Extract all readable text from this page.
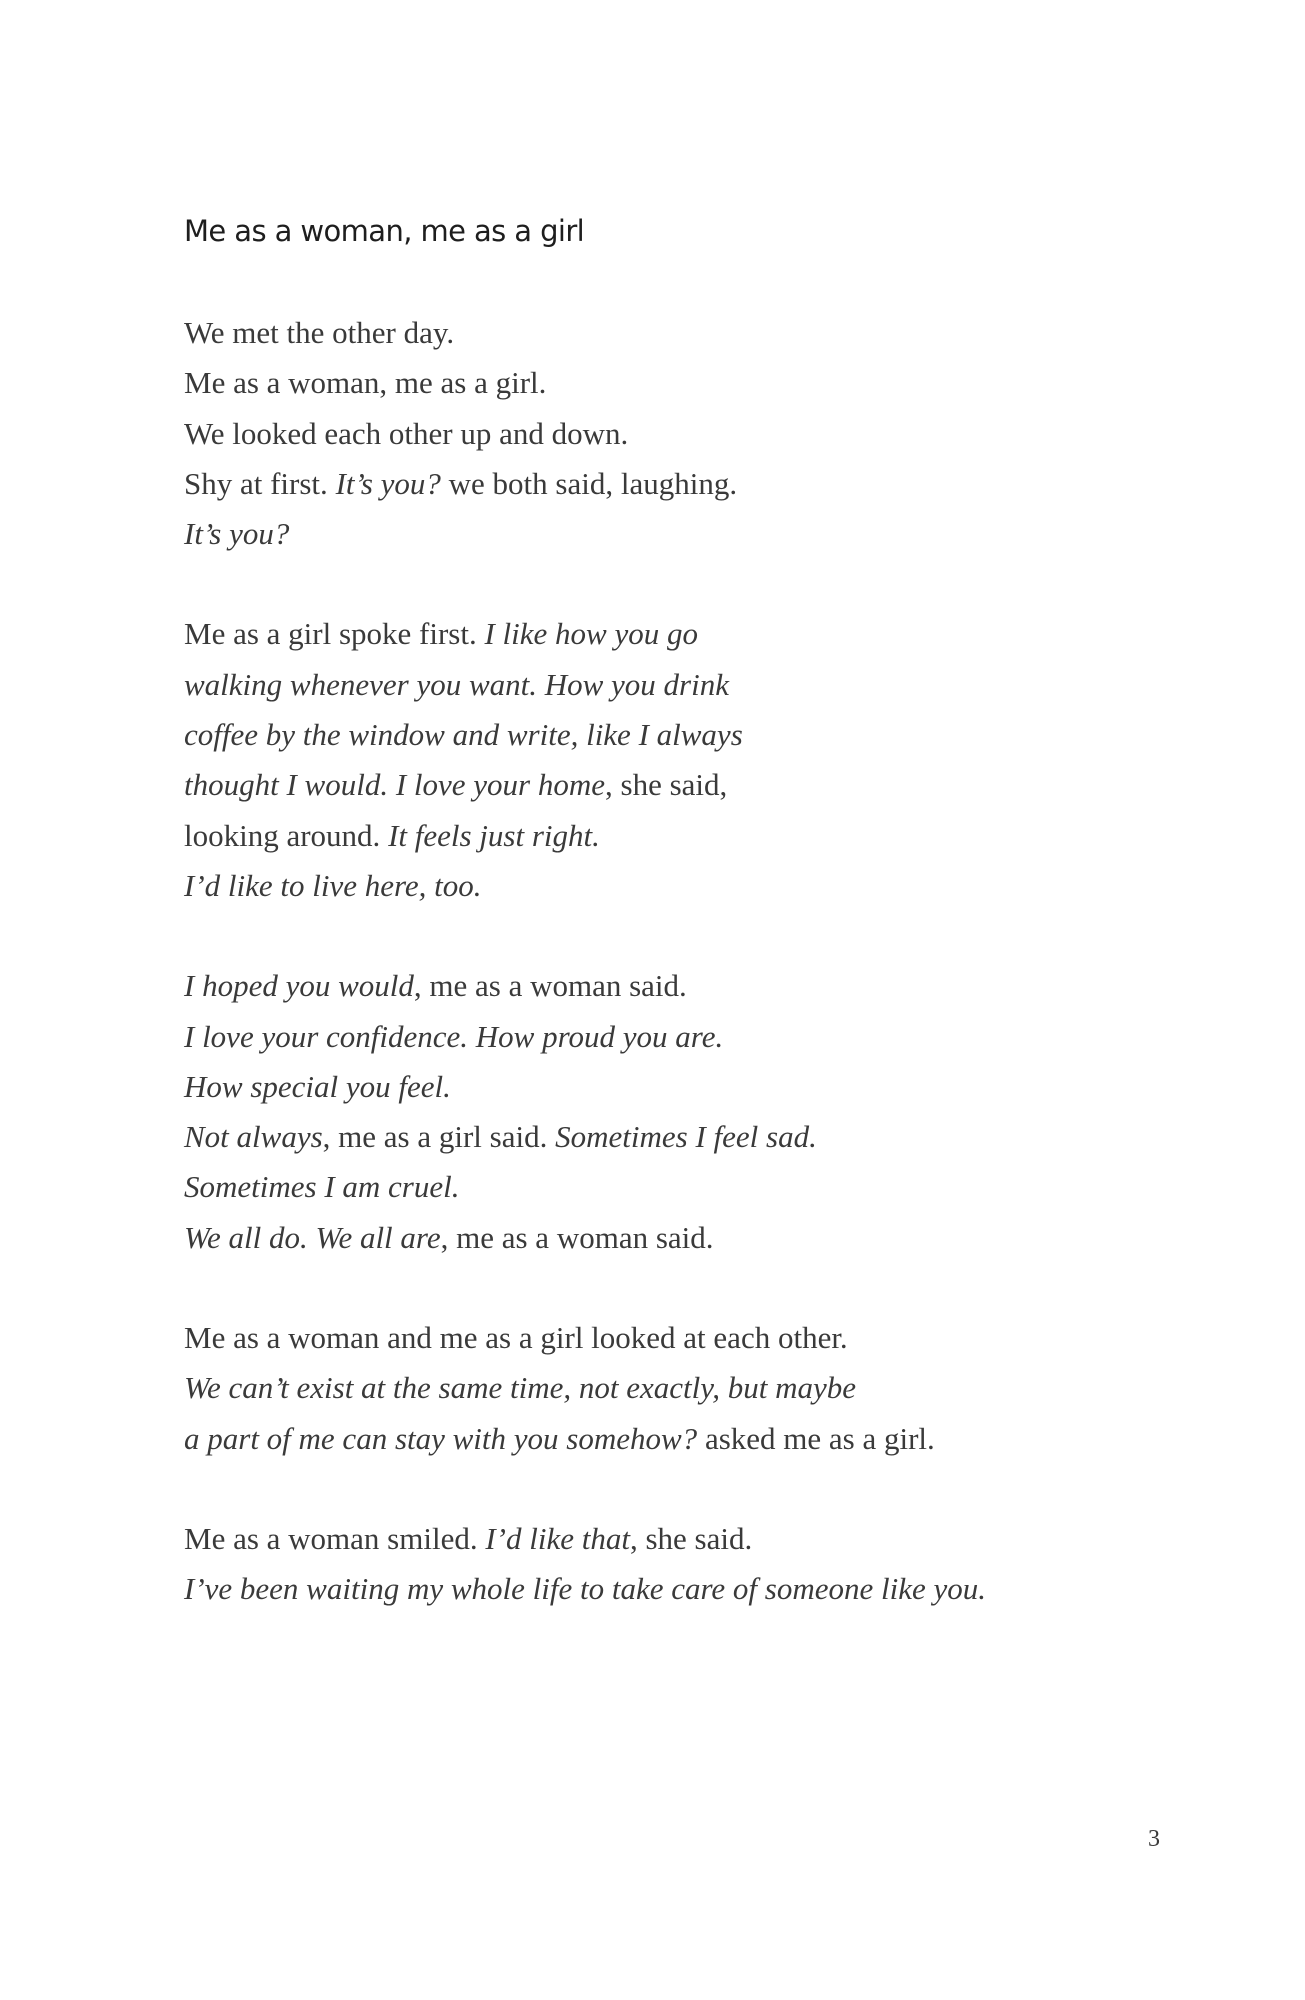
Me as a woman, me as a girl
We met the other day.
Me as a woman, me as a girl.
We looked each other up and down.
Shy at first. It’s you? we both said, laughing.
It’s you?
Me as a girl spoke first. I like how you go
walking whenever you want. How you drink
coffee by the window and write, like I always
thought I would. I love your home, she said,
looking around. It feels just right.
I’d like to live here, too.
I hoped you would, me as a woman said.
I love your confidence. How proud you are.
How special you feel.
Not always, me as a girl said. Sometimes I feel sad.
Sometimes I am cruel.
We all do. We all are, me as a woman said.
Me as a woman and me as a girl looked at each other.
We can’t exist at the same time, not exactly, but maybe
a part of me can stay with you somehow? asked me as a girl.
Me as a woman smiled. I’d like that, she said.
I’ve been waiting my whole life to take care of someone like you.
3
